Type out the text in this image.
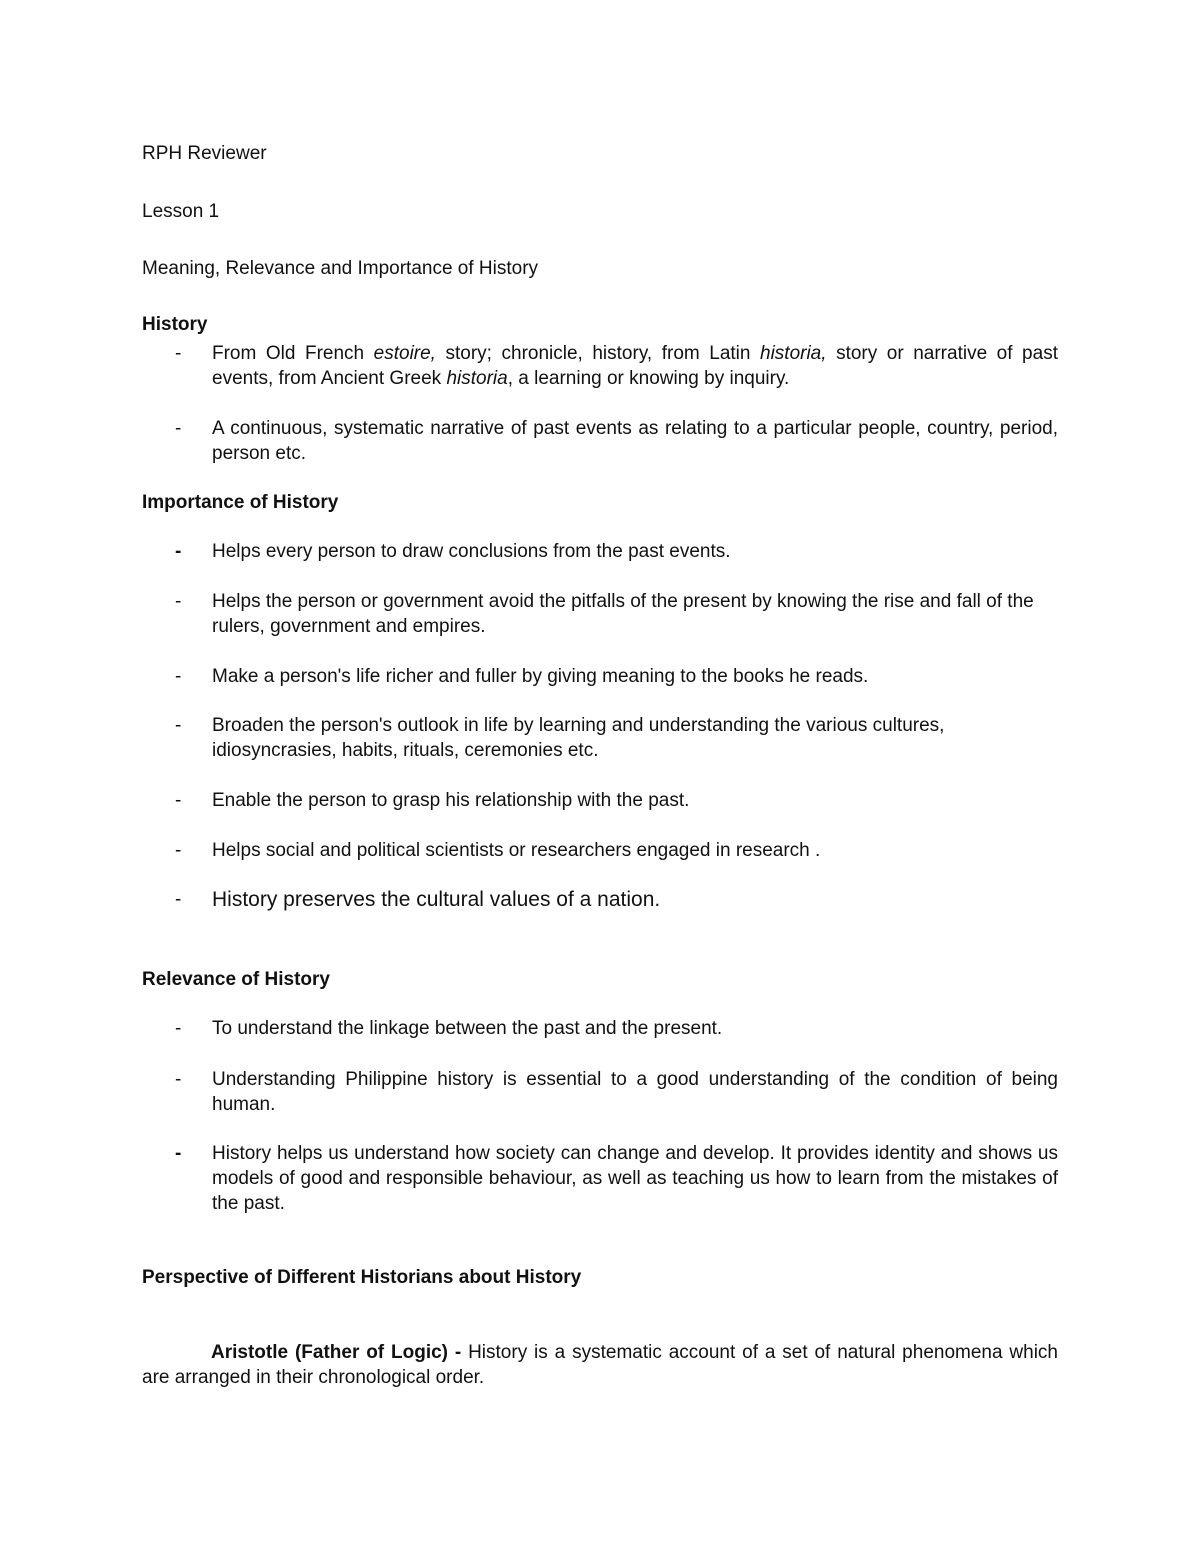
RPH Reviewer
Lesson 1
Meaning, Relevance and Importance of History
History
- From Old French estoire, story; chronicle, history, from Latin historia, story or narrative of past events, from Ancient Greek historia, a learning or knowing by inquiry.
- A continuous, systematic narrative of past events as relating to a particular people, country, period, person etc.
Importance of History
- Helps every person to draw conclusions from the past events.
- Helps the person or government avoid the pitfalls of the present by knowing the rise and fall of the rulers, government and empires.
- Make a person's life richer and fuller by giving meaning to the books he reads.
- Broaden the person's outlook in life by learning and understanding the various cultures, idiosyncrasies, habits, rituals, ceremonies etc.
- Enable the person to grasp his relationship with the past.
- Helps social and political scientists or researchers engaged in research .
- History preserves the cultural values of a nation.
Relevance of History
- To understand the linkage between the past and the present.
- Understanding Philippine history is essential to a good understanding of the condition of being human.
- History helps us understand how society can change and develop. It provides identity and shows us models of good and responsible behaviour, as well as teaching us how to learn from the mistakes of the past.
Perspective of Different Historians about History
Aristotle (Father of Logic) - History is a systematic account of a set of natural phenomena which are arranged in their chronological order.
